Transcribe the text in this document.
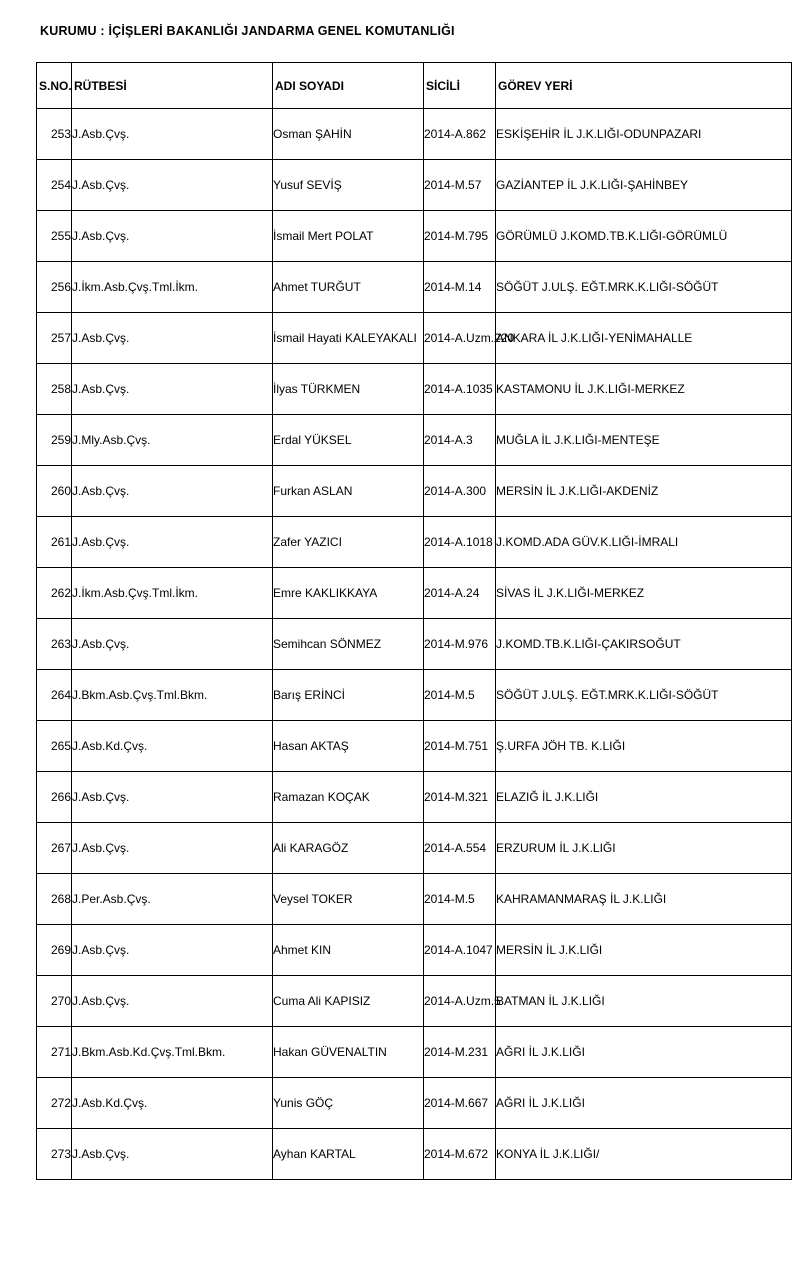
KURUMU : İÇİŞLERİ BAKANLIĞI JANDARMA GENEL KOMUTANLIĞI
S.NO.	RÜTBESİ	ADI SOYADI	SİCİLİ	GÖREV YERİ
253	J.Asb.Çvş.	Osman ŞAHİN	2014-A.862	ESKİŞEHİR İL J.K.LIĞI-ODUNPAZARI
254	J.Asb.Çvş.	Yusuf SEVİŞ	2014-M.57	GAZİANTEP İL J.K.LIĞI-ŞAHİNBEY
255	J.Asb.Çvş.	İsmail Mert POLAT	2014-M.795	GÖRÜMLÜ J.KOMD.TB.K.LIĞI-GÖRÜMLÜ
256	J.İkm.Asb.Çvş.Tml.İkm.	Ahmet TURĞUT	2014-M.14	SÖĞÜT J.ULŞ. EĞT.MRK.K.LIĞI-SÖĞÜT
257	J.Asb.Çvş.	İsmail Hayati KALEYAKALI	2014-A.Uzm.220	ANKARA İL J.K.LIĞI-YENİMAHALLE
258	J.Asb.Çvş.	İlyas TÜRKMEN	2014-A.1035	KASTAMONU İL J.K.LIĞI-MERKEZ
259	J.Mly.Asb.Çvş.	Erdal YÜKSEL	2014-A.3	MUĞLA İL J.K.LIĞI-MENTEŞE
260	J.Asb.Çvş.	Furkan ASLAN	2014-A.300	MERSİN İL J.K.LIĞI-AKDENİZ
261	J.Asb.Çvş.	Zafer YAZICI	2014-A.1018	J.KOMD.ADA GÜV.K.LIĞI-İMRALI
262	J.İkm.Asb.Çvş.Tml.İkm.	Emre KAKLIKKAYA	2014-A.24	SİVAS İL J.K.LIĞI-MERKEZ
263	J.Asb.Çvş.	Semihcan SÖNMEZ	2014-M.976	J.KOMD.TB.K.LIĞI-ÇAKIRSOĞUT
264	J.Bkm.Asb.Çvş.Tml.Bkm.	Barış ERİNCİ	2014-M.5	SÖĞÜT J.ULŞ. EĞT.MRK.K.LIĞI-SÖĞÜT
265	J.Asb.Kd.Çvş.	Hasan AKTAŞ	2014-M.751	Ş.URFA JÖH TB. K.LIĞI
266	J.Asb.Çvş.	Ramazan KOÇAK	2014-M.321	ELAZIĞ İL J.K.LIĞI
267	J.Asb.Çvş.	Ali KARAGÖZ	2014-A.554	ERZURUM İL J.K.LIĞI
268	J.Per.Asb.Çvş.	Veysel TOKER	2014-M.5	KAHRAMANMARAŞ İL J.K.LIĞI
269	J.Asb.Çvş.	Ahmet KIN	2014-A.1047	MERSİN İL J.K.LIĞI
270	J.Asb.Çvş.	Cuma Ali KAPISIZ	2014-A.Uzm.5	BATMAN İL J.K.LIĞI
271	J.Bkm.Asb.Kd.Çvş.Tml.Bkm.	Hakan GÜVENALTIN	2014-M.231	AĞRI İL J.K.LIĞI
272	J.Asb.Kd.Çvş.	Yunis GÖÇ	2014-M.667	AĞRI İL J.K.LIĞI
273	J.Asb.Çvş.	Ayhan KARTAL	2014-M.672	KONYA İL J.K.LIĞI/
